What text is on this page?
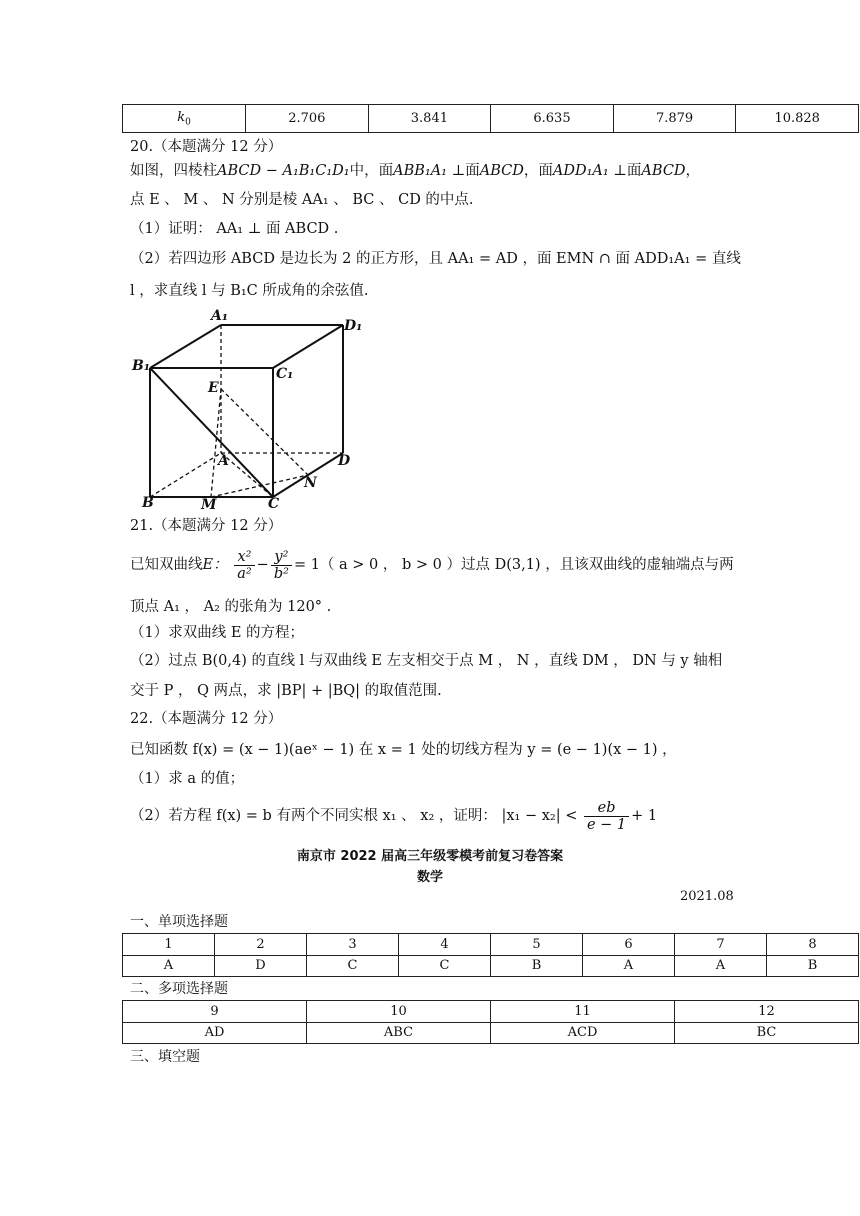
$k_0$	2.706	3.841	6.635	7.879	10.828
20.（本题满分 12 分）
如图，四棱柱ABCD − A₁B₁C₁D₁中，面ABB₁A₁ ⊥面ABCD，面ADD₁A₁ ⊥面ABCD，
点 E 、 M 、 N 分别是棱 AA₁ 、 BC 、 CD 的中点.
（1）证明： AA₁ ⊥ 面 ABCD .
（2）若四边形 ABCD 是边长为 2 的正方形，且 AA₁ = AD ，面 EMN ∩ 面 ADD₁A₁ = 直线
l ，求直线 l 与 B₁C 所成角的余弦值.
A₁
D₁
B₁	C₁
E
A	D
N
B	M	C
21.（本题满分 12 分）
已知双曲线E： $\frac{\text{x²}}{\text{a²}} - \frac{\text{y²}}{\text{b²}} = 1$（ a > 0 ， b > 0 ）过点 D(3,1) ，且该双曲线的虚轴端点与两
顶点 A₁ ， A₂ 的张角为 120° .
（1）求双曲线 E 的方程；
（2）过点 B(0,4) 的直线 l 与双曲线 E 左支相交于点 M ， N ，直线 DM ， DN 与 y 轴相
交于 P ， Q 两点，求 |BP| + |BQ| 的取值范围.
22.（本题满分 12 分）
已知函数 f(x) = (x − 1)(aeˣ − 1) 在 x = 1 处的切线方程为 y = (e − 1)(x − 1) ，
（1）求 a 的值；
（2）若方程 f(x) = b 有两个不同实根 x₁ 、 x₂ ，证明： $|x_1 - x_2| < \frac{eb}{e - 1} + 1$
南京市 2022 届高三年级零模考前复习卷答案
数学
2021.08
一、单项选择题
1	2	3	4	5	6	7	8
A	D	C	C	B	A	A	B
二、多项选择题
9	10	11	12
AD	ABC	ACD	BC
三、填空题
